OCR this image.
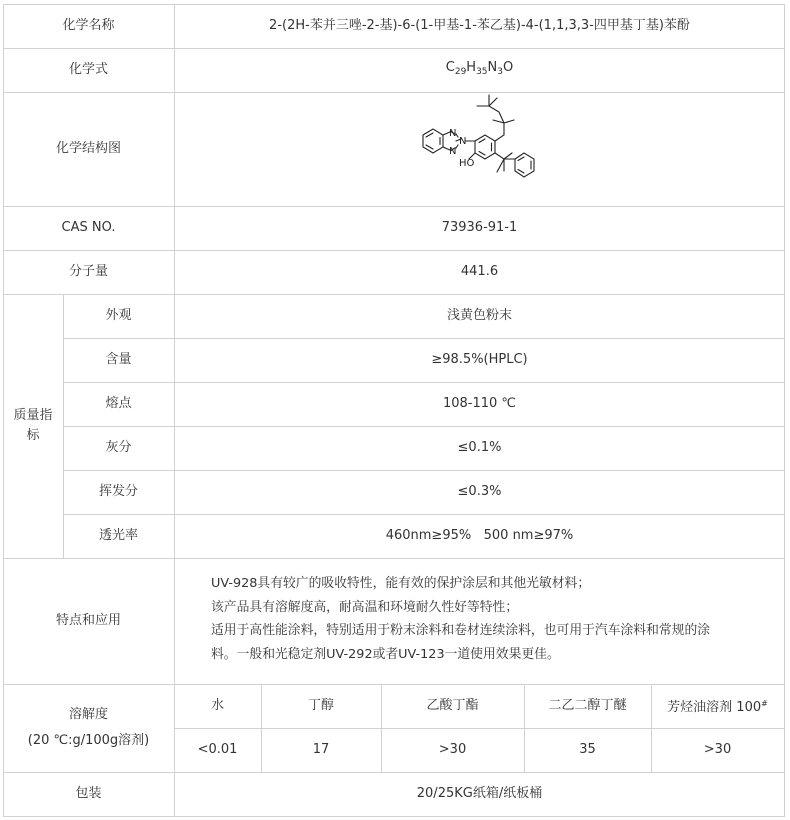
化学名称	2-(2H-苯并三唑-2-基)-6-(1-甲基-1-苯乙基)-4-(1,1,3,3-四甲基丁基)苯酚
化学式	$C_{29}H_{35}N_3O$
化学结构图
N
N
N
HO
CAS NO.	73936-91-1
分子量	441.6
质量指标
外观	浅黄色粉末
含量	≥98.5%(HPLC)
熔点	108-110 ℃
灰分	≤0.1%
挥发分	≤0.3%
透光率	460nm≥95%   500 nm≥97%
特点和应用

UV-928具有较广的吸收特性，能有效的保护涂层和其他光敏材料；

该产品具有溶解度高，耐高温和环境耐久性好等特性；

适用于高性能涂料，特别适用于粉末涂料和卷材连续涂料，也可用于汽车涂料和常规的涂

料。一般和光稳定剂UV-292或者UV-123一道使用效果更佳。

溶解度
(20 ℃:g/100g溶剂)
水	丁醇	乙酸丁酯	二乙二醇丁醚	芳烃油溶剂 100#
<0.01	17	>30	35	>30
包装	20/25KG纸箱/纸板桶
